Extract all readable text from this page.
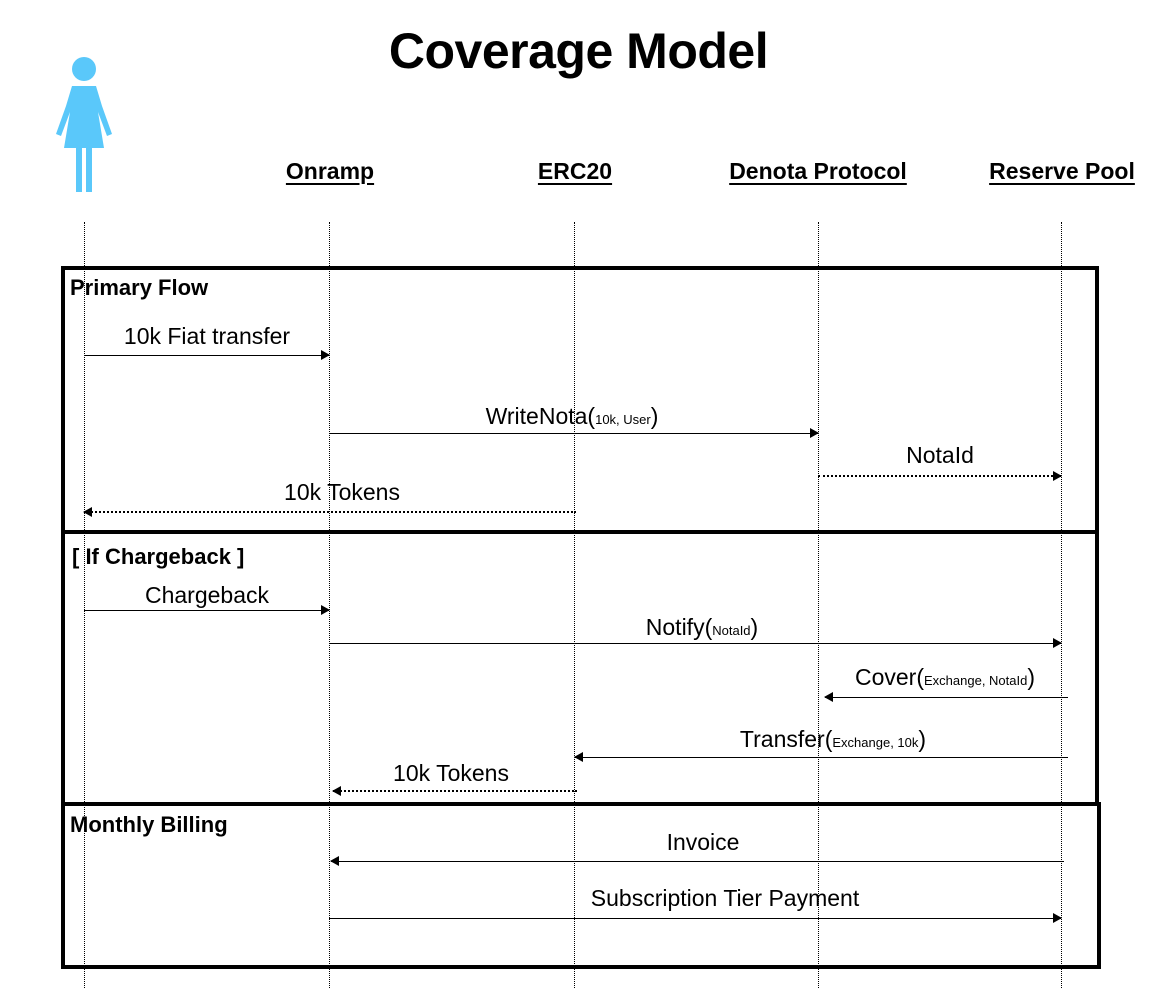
Coverage Model
Onramp	ERC20	Denota Protocol	Reserve Pool
Primary Flow
[ If Chargeback ]
Monthly Billing
10k Fiat transfer
WriteNota(10k, User)
NotaId
10k Tokens
Chargeback
Notify(NotaId)
Cover(Exchange, NotaId)
Transfer(Exchange, 10k)
10k Tokens
Invoice
Subscription Tier Payment
